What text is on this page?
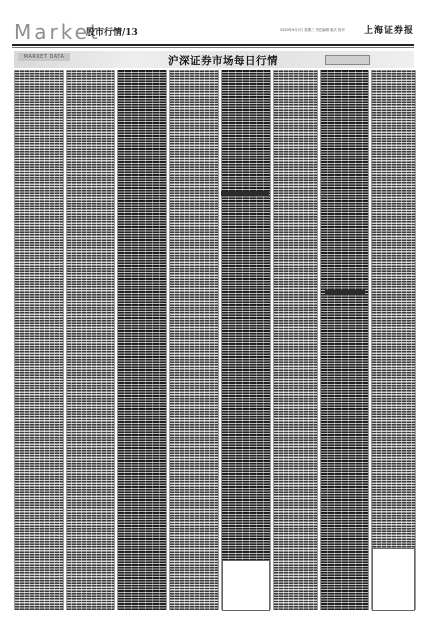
Market
股市行情/13	2020年9月2日 星期三 责任编辑 版式 校对 上海证券报
MARKET DATA	沪深证券市场每日行情
